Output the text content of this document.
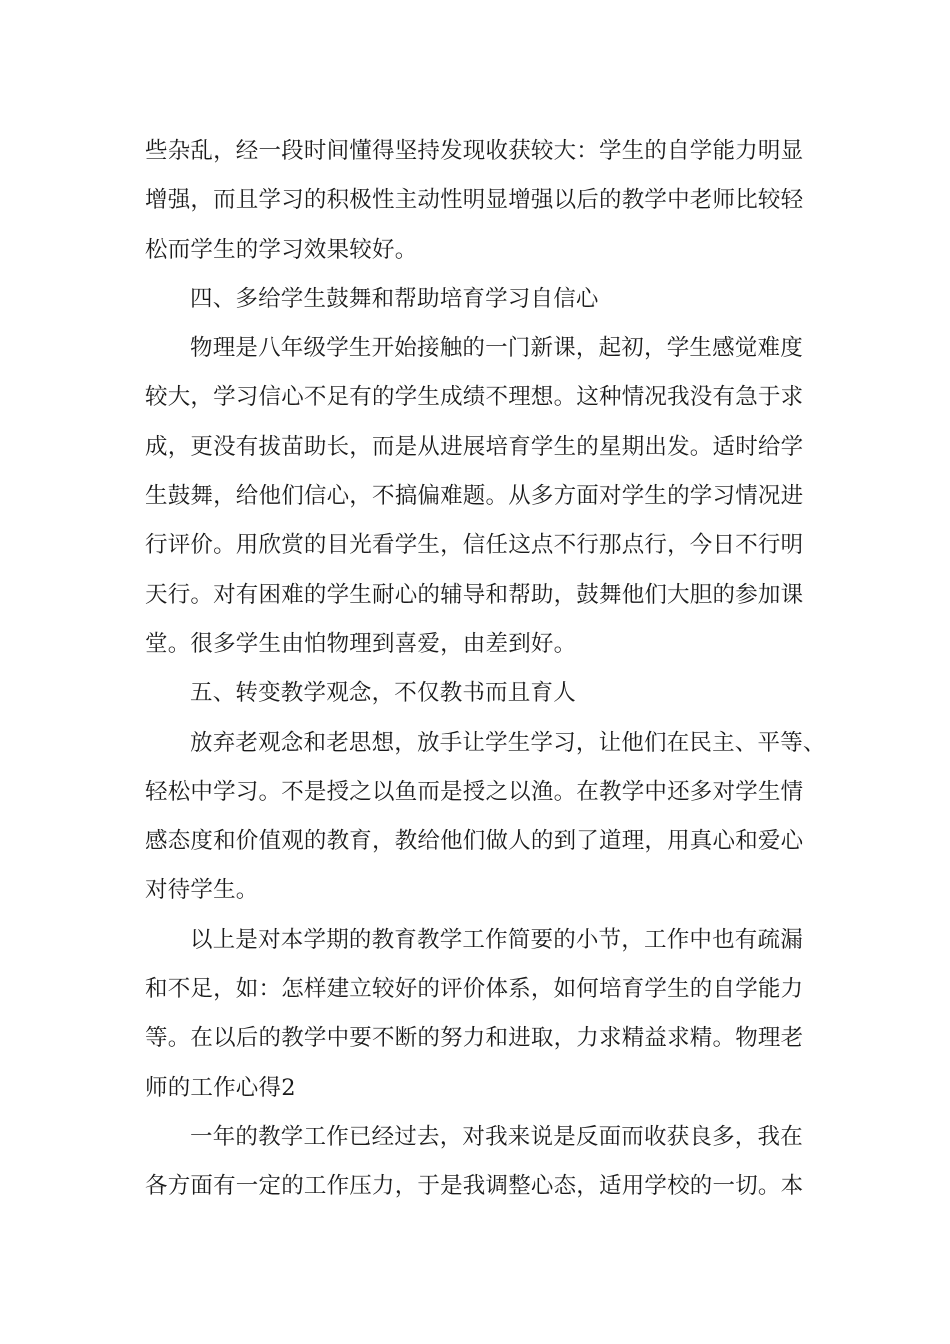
些杂乱，经一段时间懂得坚持发现收获较大：学生的自学能力明显
增强，而且学习的积极性主动性明显增强以后的教学中老师比较轻
松而学生的学习效果较好。
四、多给学生鼓舞和帮助培育学习自信心
物理是八年级学生开始接触的一门新课，起初，学生感觉难度
较大，学习信心不足有的学生成绩不理想。这种情况我没有急于求
成，更没有拔苗助长，而是从进展培育学生的星期出发。适时给学
生鼓舞，给他们信心，不搞偏难题。从多方面对学生的学习情况进
行评价。用欣赏的目光看学生，信任这点不行那点行，今日不行明
天行。对有困难的学生耐心的辅导和帮助，鼓舞他们大胆的参加课
堂。很多学生由怕物理到喜爱，由差到好。
五、转变教学观念，不仅教书而且育人
放弃老观念和老思想，放手让学生学习，让他们在民主、平等、
轻松中学习。不是授之以鱼而是授之以渔。在教学中还多对学生情
感态度和价值观的教育，教给他们做人的到了道理，用真心和爱心
对待学生。
以上是对本学期的教育教学工作简要的小节，工作中也有疏漏
和不足，如：怎样建立较好的评价体系，如何培育学生的自学能力
等。在以后的教学中要不断的努力和进取，力求精益求精。物理老
师的工作心得2
一年的教学工作已经过去，对我来说是反面而收获良多，我在
各方面有一定的工作压力，于是我调整心态，适用学校的一切。本
